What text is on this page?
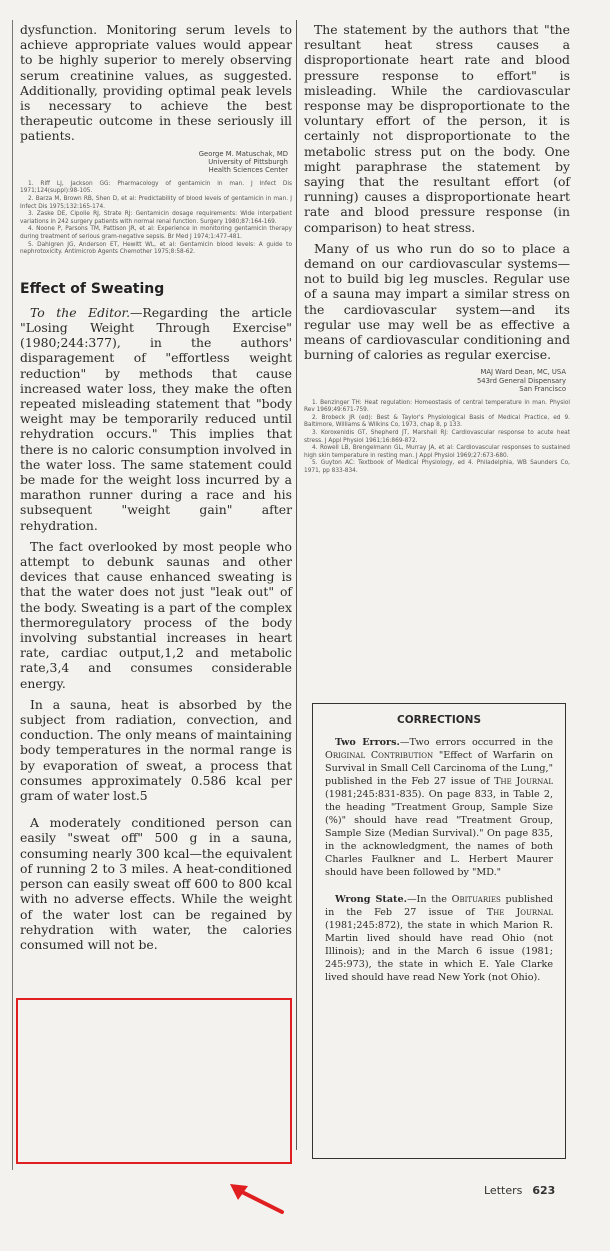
dysfunction. Monitoring serum levels to achieve appropriate values would appear to be highly superior to merely observing serum creatinine values, as suggested. Additionally, providing optimal peak levels is necessary to achieve the best therapeutic outcome in these seriously ill patients.

George M. Matuschak, MD
University of Pittsburgh
Health Sciences Center

1. Riff LJ, Jackson GG: Pharmacology of gentamicin in man. J Infect Dis 1971;124(suppl):98-105.

2. Barza M, Brown RB, Shen D, et al: Predictability of blood levels of gentamicin in man. J Infect Dis 1975;132:165-174.

3. Zaske DE, Cipolle RJ, Strate RJ: Gentamicin dosage requirements: Wide interpatient variations in 242 surgery patients with normal renal function. Surgery 1980;87:164-169.

4. Noone P, Parsons TM, Pattison JR, et al: Experience in monitoring gentamicin therapy during treatment of serious gram-negative sepsis. Br Med J 1974;1:477-481.

5. Dahlgren JG, Anderson ET, Hewitt WL, et al: Gentamicin blood levels: A guide to nephrotoxicity. Antimicrob Agents Chemother 1975;8:58-62.

Effect of Sweating

To the Editor.—Regarding the article "Losing Weight Through Exercise" (1980;244:377), in the authors' disparagement of "effortless weight reduction" by methods that cause increased water loss, they make the often repeated misleading statement that "body weight may be temporarily reduced until rehydration occurs." This implies that there is no caloric consumption involved in the water loss. The same statement could be made for the weight loss incurred by a marathon runner during a race and his subsequent "weight gain" after rehydration.

The fact overlooked by most people who attempt to debunk saunas and other devices that cause enhanced sweating is that the water does not just "leak out" of the body. Sweating is a part of the complex thermoregulatory process of the body involving substantial increases in heart rate, cardiac output,1,2 and metabolic rate,3,4 and consumes considerable energy.

In a sauna, heat is absorbed by the subject from radiation, convection, and conduction. The only means of maintaining body temperatures in the normal range is by evaporation of sweat, a process that consumes approximately 0.586 kcal per gram of water lost.5

A moderately conditioned person can easily "sweat off" 500 g in a sauna, consuming nearly 300 kcal—the equivalent of running 2 to 3 miles. A heat-conditioned person can easily sweat off 600 to 800 kcal with no adverse effects. While the weight of the water lost can be regained by rehydration with water, the calories consumed will not be.

The statement by the authors that "the resultant heat stress causes a disproportionate heart rate and blood pressure response to effort" is misleading. While the cardiovascular response may be disproportionate to the voluntary effort of the person, it is certainly not disproportionate to the metabolic stress put on the body. One might paraphrase the statement by saying that the resultant effort (of running) causes a disproportionate heart rate and blood pressure response (in comparison) to heat stress.

Many of us who run do so to place a demand on our cardiovascular systems—not to build big leg muscles. Regular use of a sauna may impart a similar stress on the cardiovascular system—and its regular use may well be as effective a means of cardiovascular conditioning and burning of calories as regular exercise.

MAJ Ward Dean, MC, USA
543rd General Dispensary
San Francisco

1. Benzinger TH: Heat regulation: Homeostasis of central temperature in man. Physiol Rev 1969;49:671-759.

2. Brobeck JR (ed): Best & Taylor's Physiological Basis of Medical Practice, ed 9. Baltimore, Williams & Wilkins Co, 1973, chap 8, p 133.

3. Koroxenidis GT, Shepherd JT, Marshall RJ: Cardiovascular response to acute heat stress. J Appl Physiol 1961;16:869-872.

4. Rowell LB, Brengelmann GL, Murray JA, et al: Cardiovascular responses to sustained high skin temperature in resting man. J Appl Physiol 1969;27:673-680.

5. Guyton AC: Textbook of Medical Physiology, ed 4. Philadelphia, WB Saunders Co, 1971, pp 833-834.

CORRECTIONS

Two Errors.—Two errors occurred in the Original Contribution "Effect of Warfarin on Survival in Small Cell Carcinoma of the Lung," published in the Feb 27 issue of The Journal (1981;245:831-835). On page 833, in Table 2, the heading "Treatment Group, Sample Size (%)" should have read "Treatment Group, Sample Size (Median Survival)." On page 835, in the acknowledgment, the names of both Charles Faulkner and L. Herbert Maurer should have been followed by "MD."

Wrong State.—In the Obituaries published in the Feb 27 issue of The Journal (1981;245:872), the state in which Marion R. Martin lived should have read Ohio (not Illinois); and in the March 6 issue (1981; 245:973), the state in which E. Yale Clarke lived should have read New York (not Ohio).

Letters 623
